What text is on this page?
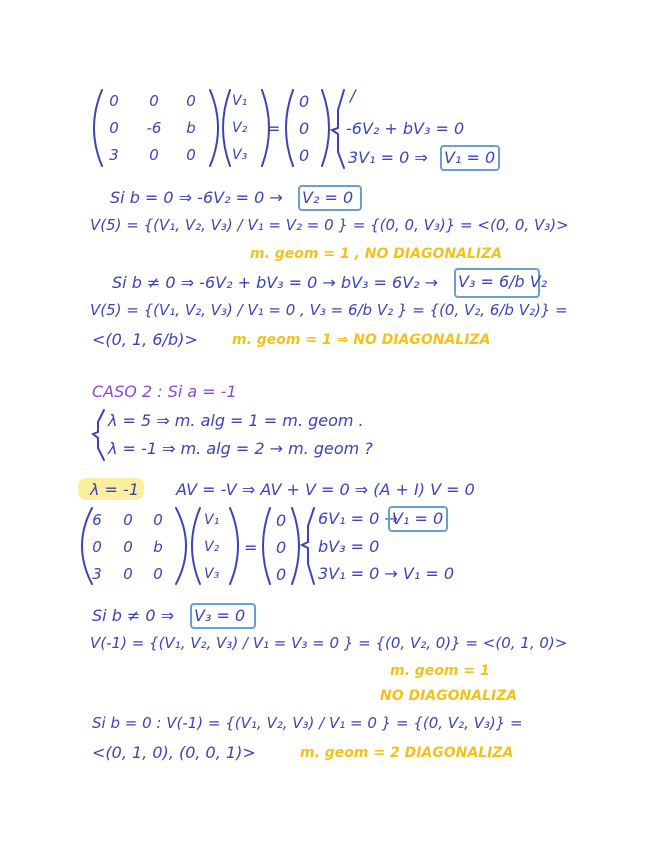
0	0	0
0	-6	b
3	0	0
V₁
V₂
V₃
=
0
0
0
/
-6V₂ + bV₃ = 0
3V₁ = 0 ⇒ V₁ = 0
Si b = 0 ⇒ -6V₂ = 0 → V₂ = 0
V(5) = {(V₁, V₂, V₃) / V₁ = V₂ = 0 } = {(0, 0, V₃)} = <(0, 0, V₃)>
m. geom = 1 , NO DIAGONALIZA
Si b ≠ 0 ⇒ -6V₂ + bV₃ = 0 → bV₃ = 6V₂ → V₃ = 6/b V₂
V(5) = {(V₁, V₂, V₃) / V₁ = 0 , V₃ = 6/b V₂ } = {(0, V₂, 6/b V₂)} =
<(0, 1, 6/b)> m. geom = 1 ⇒ NO DIAGONALIZA
CASO 2 : Si a = -1
λ = 5 ⇒ m. alg = 1 = m. geom .
λ = -1 ⇒ m. alg = 2 → m. geom ?
λ = -1 AV = -V ⇒ AV + V = 0 ⇒ (A + I) V = 0
6	0	0
0	0	b
3	0	0
V₁
V₂
V₃
=
0
0
0
6V₁ = 0 →
V₁ = 0
bV₃ = 0
3V₁ = 0 → V₁ = 0
Si b ≠ 0 ⇒ V₃ = 0
V(-1) = {(V₁, V₂, V₃) / V₁ = V₃ = 0 } = {(0, V₂, 0)} = <(0, 1, 0)>
m. geom = 1
NO DIAGONALIZA
Si b = 0 : V(-1) = {(V₁, V₂, V₃) / V₁ = 0 } = {(0, V₂, V₃)} =
<(0, 1, 0), (0, 0, 1)>	m. geom = 2 DIAGONALIZA
